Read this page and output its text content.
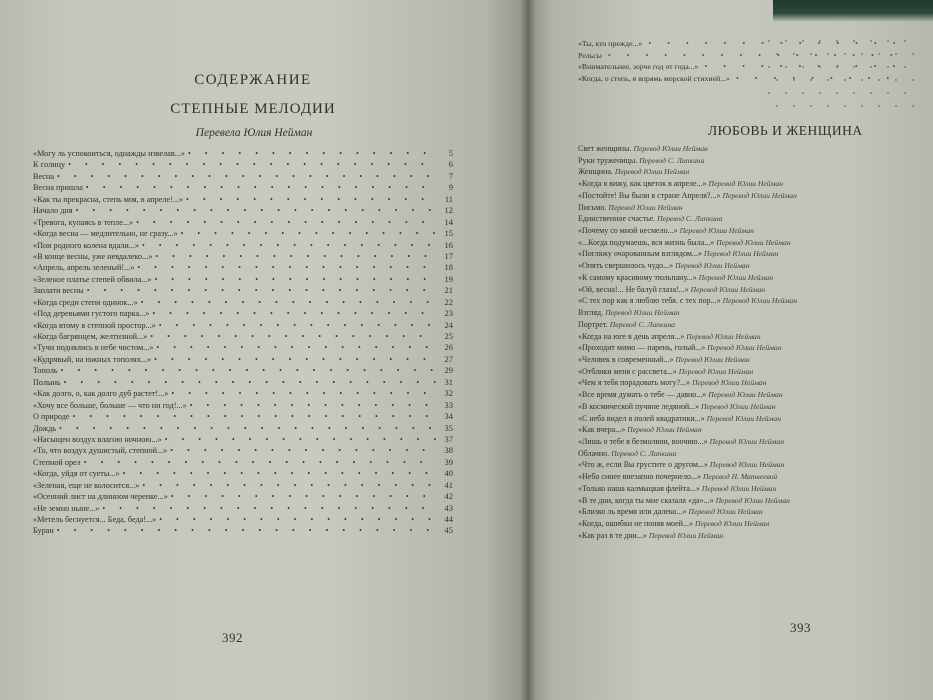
СОДЕРЖАНИЕ
СТЕПНЫЕ МЕЛОДИИ
Перевела Юлия Нейман
«Могу ль успокоиться, однажды извелав...» • • •	5
К солнцу • • •	6
Весна • • •	7
Весна пришла • • •	9
«Как ты прекрасна, степь моя, в апреле!...» • • •	11
Начало дня • • •	12
«Тревога, купаясь в тепле...» • • •	14
«Когда весна — медлительно, не сразу...» • • •	15
«Пои родного колена вдали...» • • •	16
«В конце весны, уже невдалеко...» • • •	17
«Апрель, апрель зеленый!...» • • •	18
«Зеленое платье степей обвила...» • • •	19
Заплати весны • • •	21
«Когда среди степи одинок...» • • •	22
«Под деревьями густого парка...» • • •	23
«Когда втому в степной простор...» • • •	24
«Когда багрянцем, желтизной...» • • •	25
«Тучи поднялись в небе чистом...» • • •	26
«Кудрявый, на южных тополях...» • • •	27
Тополь • • •	29
Полынь • • •	31
«Как долго, о, как долго дуб растет!...» • • •	32
«Хочу все больше, больше — что ни год!...» • • •	33
О природе • • •	34
Дождь • • •	35
«Насыщен воздух влагою ночною...» • • •	37
«То, что воздух душистый, степной...» • • •	38
Степной орел • • •	39
«Когда, уйдя от суеты...» • • •	40
«Зеленая, еще не колосится...» • • •	41
«Осенний лист на длинном черенке...» • • •	42
«Не земно ныне...» • • •	43
«Метель беснуется... Беда, беда!...» • • •	44
Буран • • •	45
392
«Ты, кто прежде...»
• • •
Рельсы
• • •
«Внимательнее, зорче год от года...»
• • •
«Когда, о степь, я впрямь морской стихией...»
• • •
ЛЮБОВЬ И ЖЕНЩИНА
Свет женщины. Перевод Юлии Нейман
Руки труженицы. Перевод С. Липкина
Женщина. Перевод Юлии Нейман
«Когда я вижу, как цветок в апреле...» Перевод Юлии Нейман
«Постойте! Вы были в стране Апреля?...» Перевод Юлии Нейман
Письмо. Перевод Юлии Нейман
Единственное счастье. Перевод С. Липкина
«Почему со мной несмело...» Перевод Юлии Нейман
«...Когда подумаешь, вся жизнь была...» Перевод Юлии Нейман
«Погляжу очарованным взглядом...» Перевод Юлии Нейман
«Опять свершилось чудо...» Перевод Юлии Нейман
«К самому красивому тюльпану...» Перевод Юлии Нейман
«Ой, весна!... Не балуй глаза!...» Перевод Юлии Нейман
«С тех пор как я люблю тебя. с тех пор...» Перевод Юлии Нейман
Взгляд. Перевод Юлии Нейман
Портрет. Перевод С. Липкина
«Когда на юге в день апреля...» Перевод Юлии Нейман
«Проходит мимо — парень, голый...» Перевод Юлии Нейман
«Человек в современный...» Перевод Юлии Нейман
«Отблики меня с рассвета...» Перевод Юлии Нейман
«Чем я тебя порадовать могу?...» Перевод Юлии Нейман
«Все время думать о тебе — давно...» Перевод Юлии Нейман
«В космической пучине ледяной...» Перевод Юлии Нейман
«С неба видел я полей квадратики...» Перевод Юлии Нейман
«Как вчера...» Перевод Юлии Нейман
«Лишь о тебе в безмолвии, воочию...» Перевод Юлии Нейман
Облачно. Перевод С. Липкина
«Что ж, если Вы грустите о другом...» Перевод Юлии Нейман
«Небо синее внезапно почернело...» Перевод Н. Матвеевой
«Только наша калмыцкая флейта...» Перевод Юлии Нейман
«В те дни, когда ты мне сказала «да»...» Перевод Юлии Нейман
«Близко ль время или далеко...» Перевод Юлии Нейман
«Когда, ошибки не поняв моей...» Перевод Юлии Нейман
«Как раз в те дни...» Перевод Юлии Нейман
393
